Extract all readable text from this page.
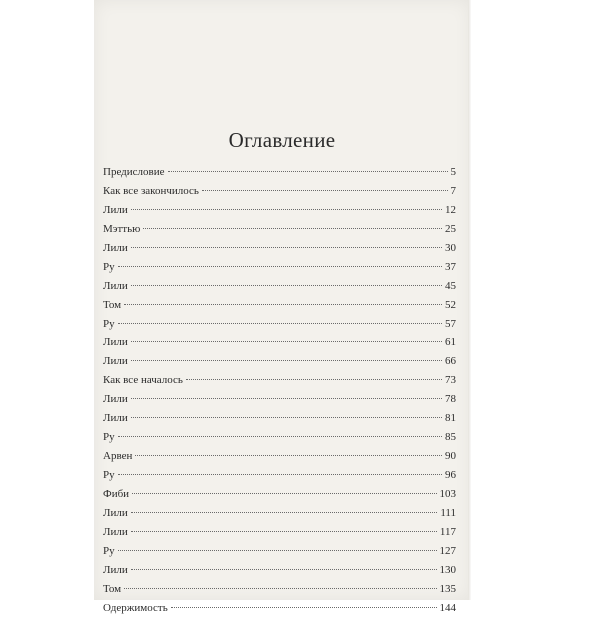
Оглавление
Предисловие	5
Как все закончилось	7
Лили	12
Мэттью	25
Лили	30
Ру	37
Лили	45
Том	52
Ру	57
Лили	61
Лили	66
Как все началось	73
Лили	78
Лили	81
Ру	85
Арвен	90
Ру	96
Фиби	103
Лили	111
Лили	117
Ру	127
Лили	130
Том	135
Одержимость	144
